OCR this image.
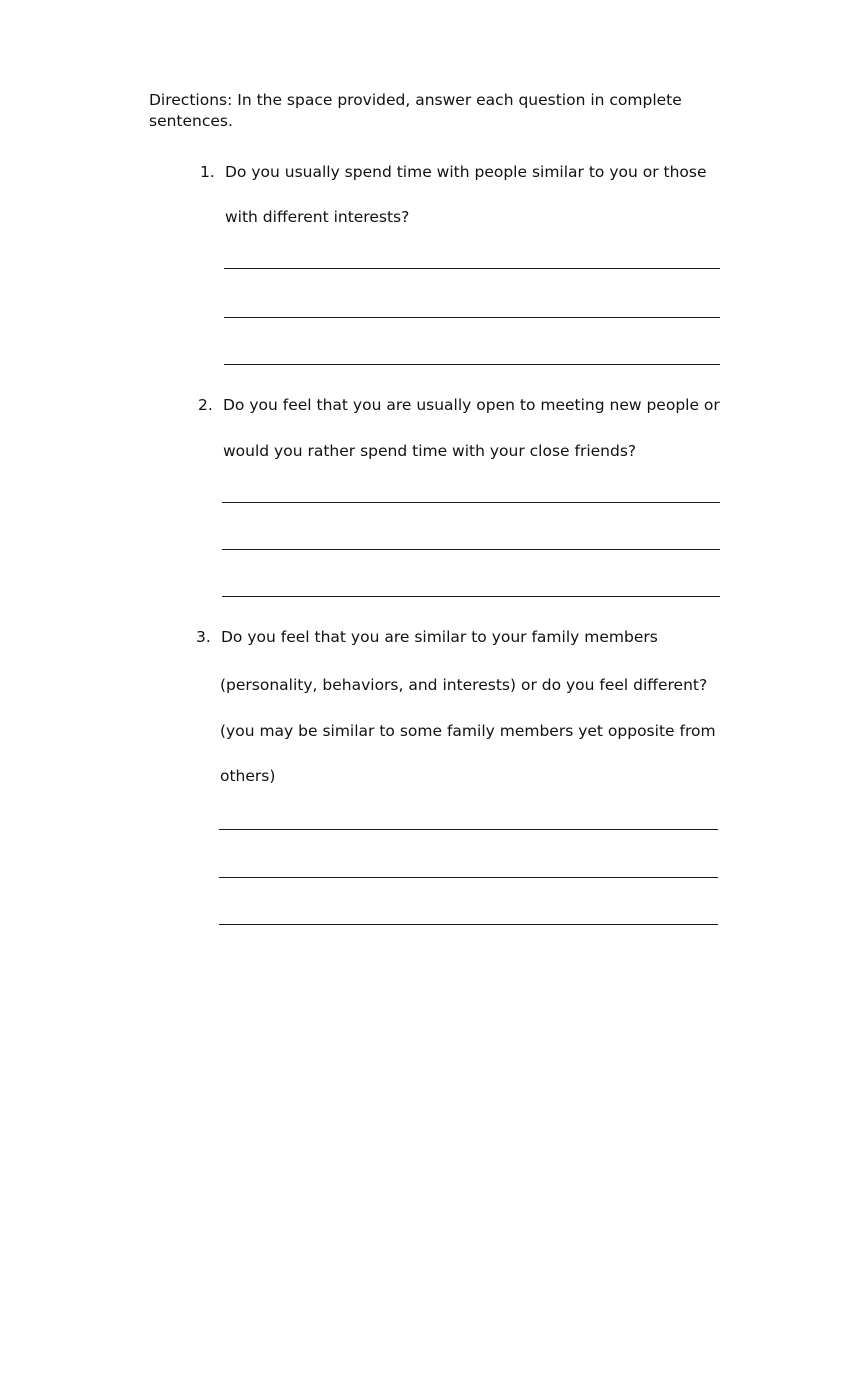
Directions: In the space provided, answer each question in complete sentences.

1. Do you usually spend time with people similar to you or those
with different interests?
2. Do you feel that you are usually open to meeting new people or
would you rather spend time with your close friends?
3. Do you feel that you are similar to your family members
(personality, behaviors, and interests) or do you feel different?
(you may be similar to some family members yet opposite from
others)
